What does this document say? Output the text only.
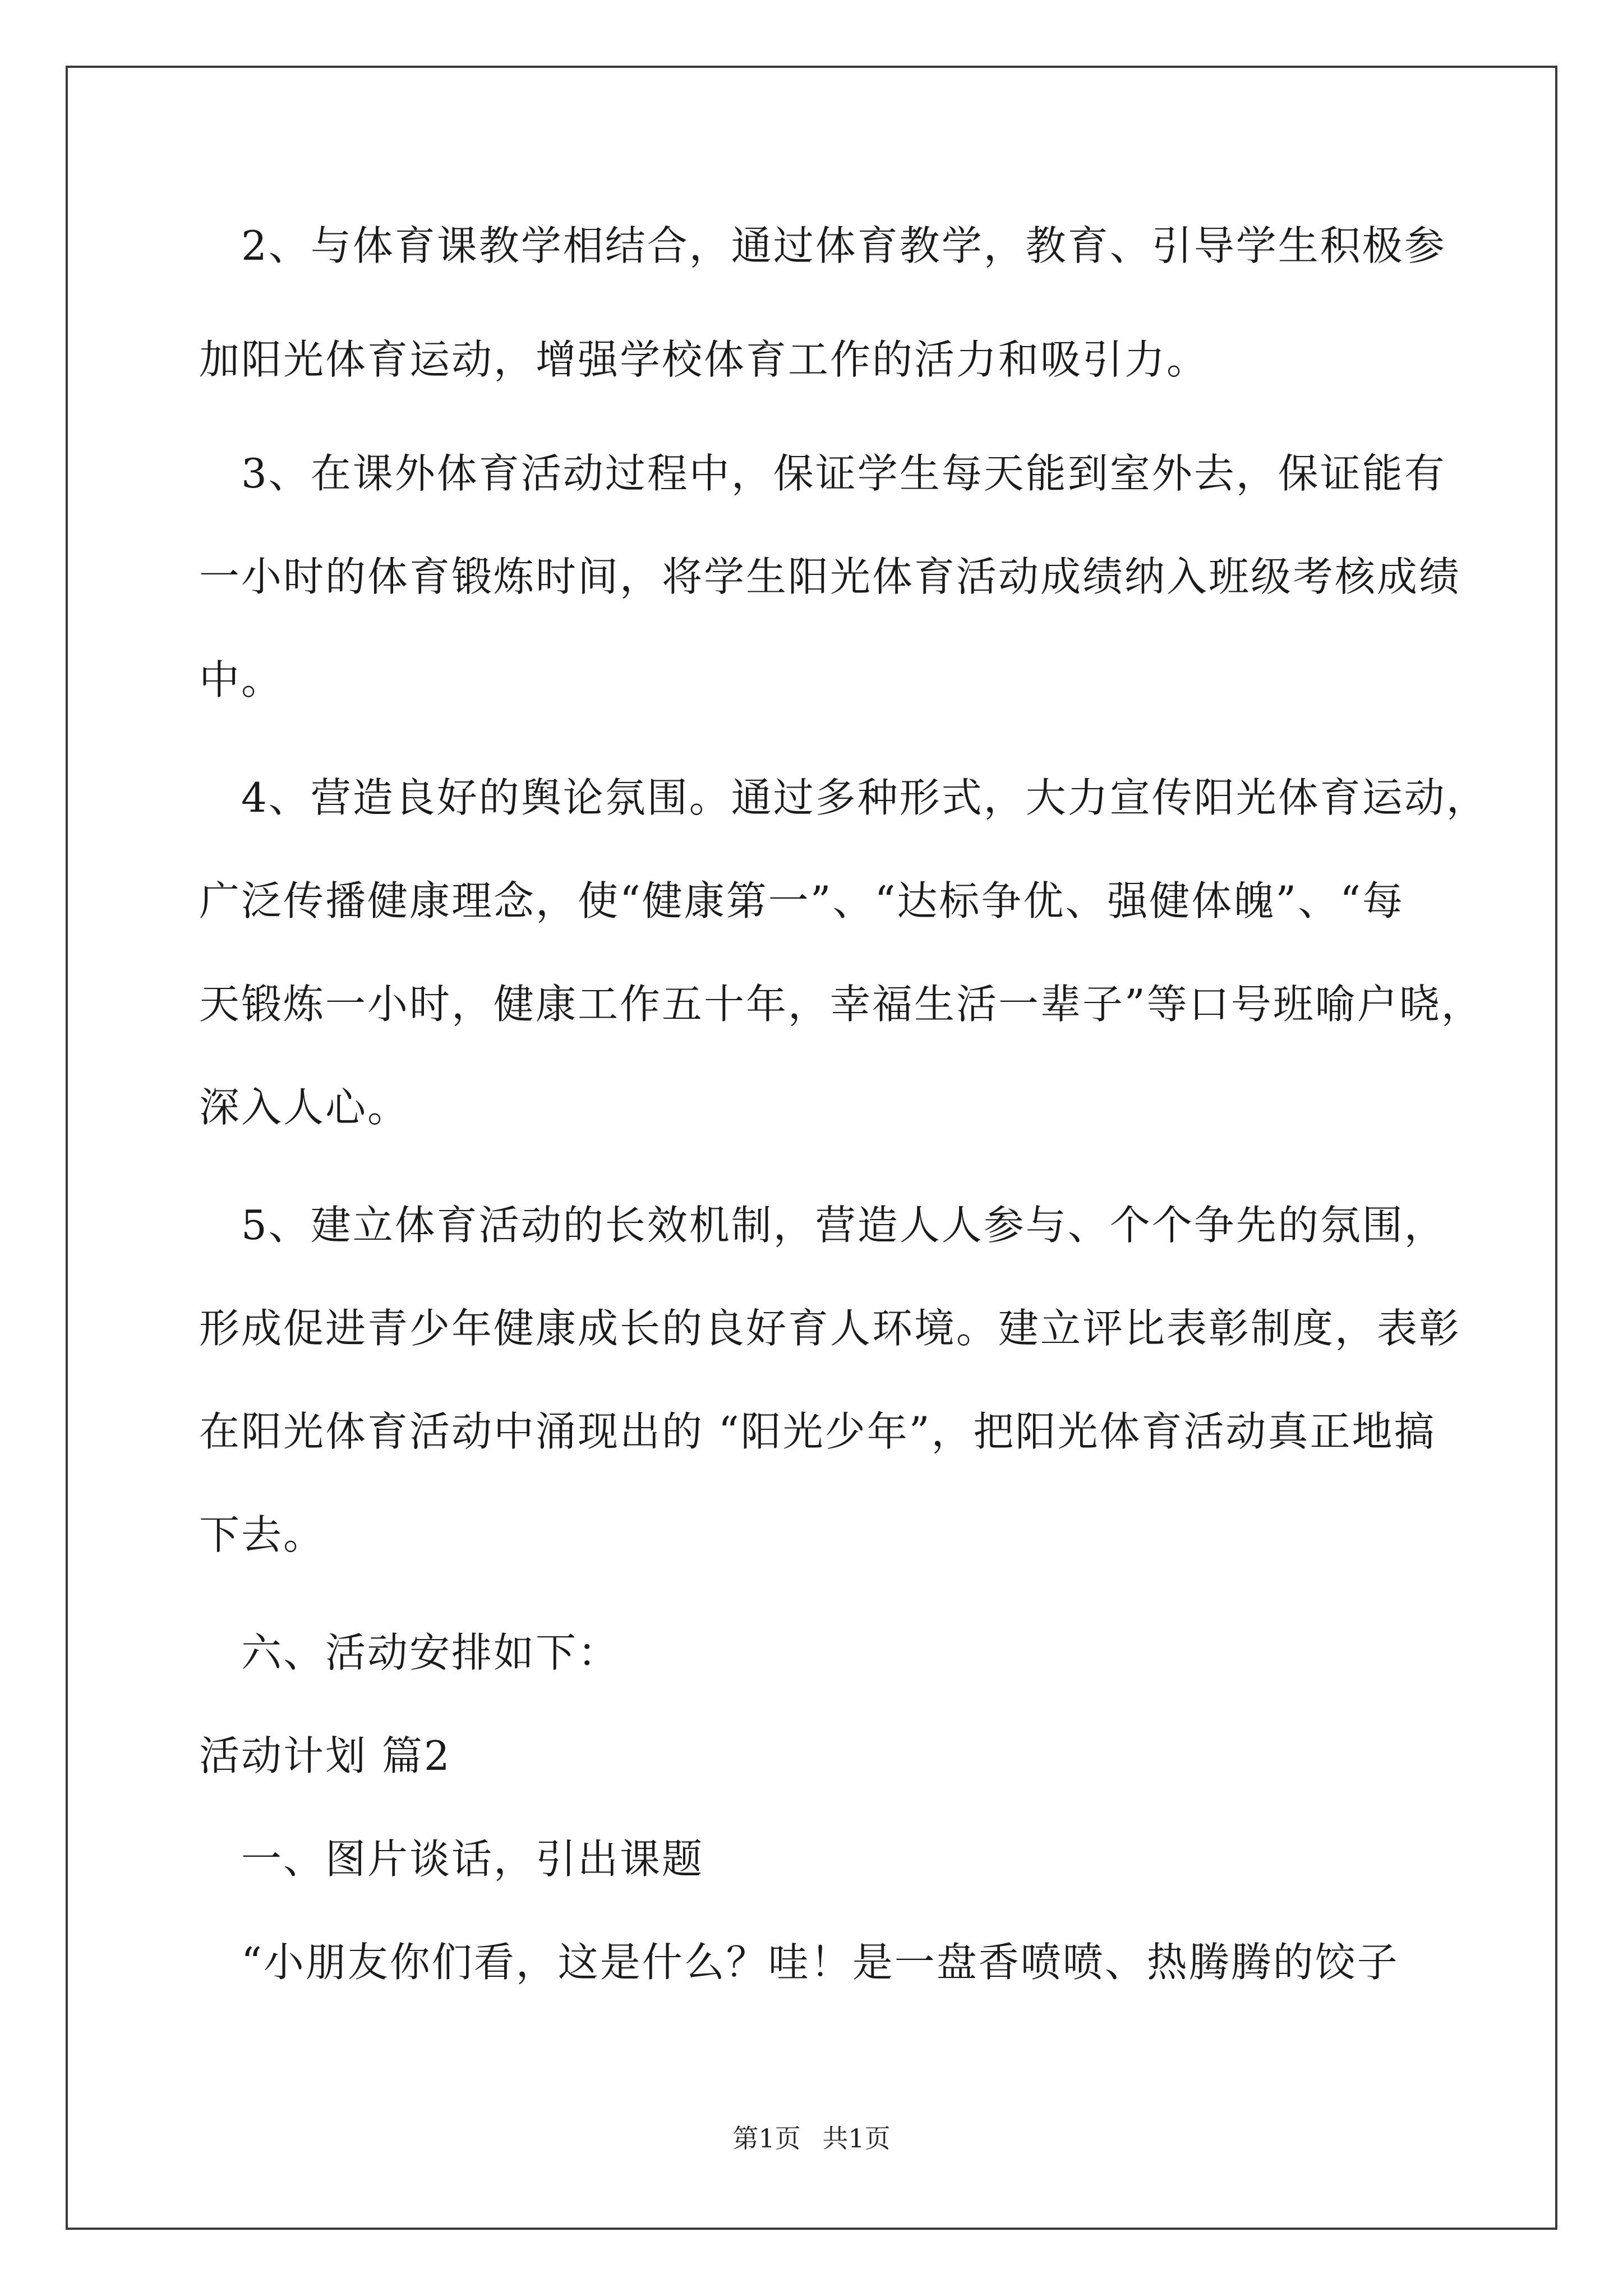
　2、与体育课教学相结合，通过体育教学，教育、引导学生积极参
加阳光体育运动，增强学校体育工作的活力和吸引力。
　3、在课外体育活动过程中，保证学生每天能到室外去，保证能有
一小时的体育锻炼时间，将学生阳光体育活动成绩纳入班级考核成绩
中。
　4、营造良好的舆论氛围。通过多种形式，大力宣传阳光体育运动，
广泛传播健康理念，使“健康第一”、“达标争优、强健体魄”、“每
天锻炼一小时，健康工作五十年，幸福生活一辈子”等口号班喻户晓，
深入人心。
　5、建立体育活动的长效机制，营造人人参与、个个争先的氛围，
形成促进青少年健康成长的良好育人环境。建立评比表彰制度，表彰
在阳光体育活动中涌现出的 “阳光少年”，把阳光体育活动真正地搞
下去。
　六、活动安排如下：
活动计划 篇2
　一、图片谈话，引出课题
　“小朋友你们看，这是什么？哇！是一盘香喷喷、热腾腾的饺子
第1页 共1页
